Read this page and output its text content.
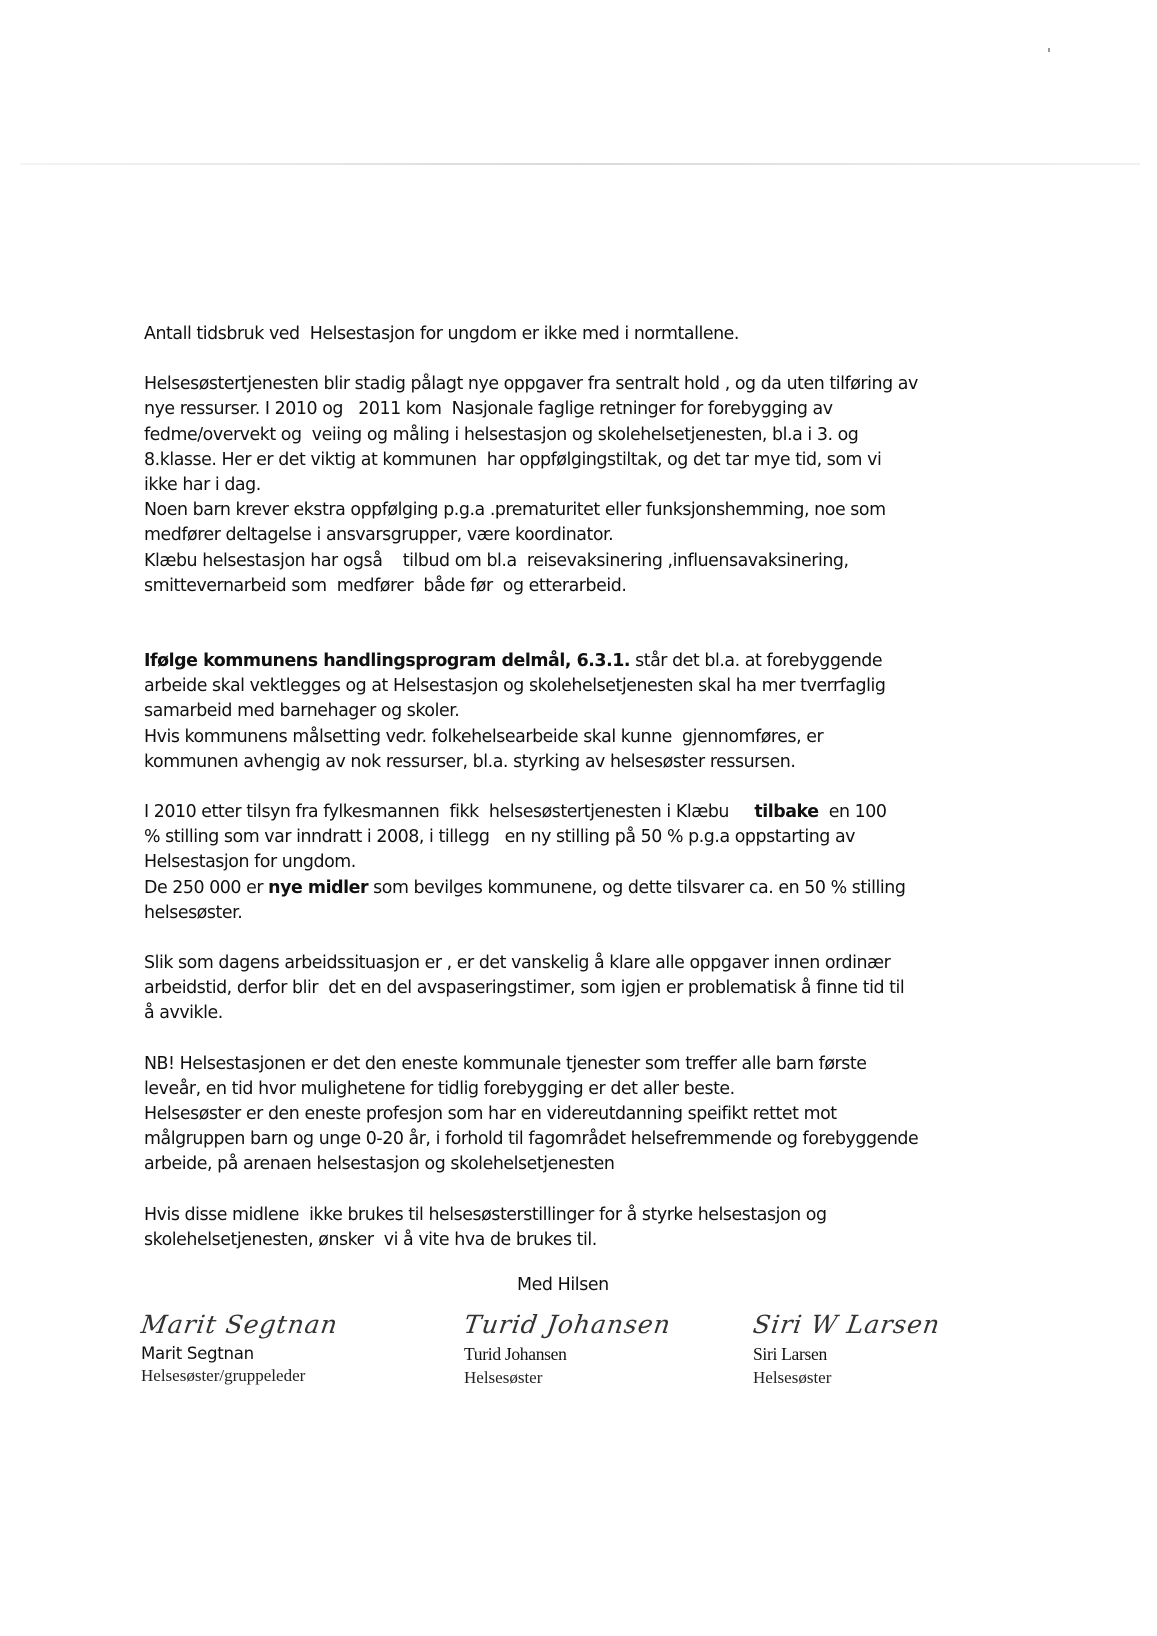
Antall tidsbruk ved  Helsestasjon for ungdom er ikke med i normtallene.

Helsesøstertjenesten blir stadig pålagt nye oppgaver fra sentralt hold , og da uten tilføring av

nye ressurser. I 2010 og   2011 kom  Nasjonale faglige retninger for forebygging av

fedme/overvekt og  veiing og måling i helsestasjon og skolehelsetjenesten, bl.a i 3. og

8.klasse. Her er det viktig at kommunen  har oppfølgingstiltak, og det tar mye tid, som vi

ikke har i dag.

Noen barn krever ekstra oppfølging p.g.a .prematuritet eller funksjonshemming, noe som

medfører deltagelse i ansvarsgrupper, være koordinator.

Klæbu helsestasjon har også    tilbud om bl.a  reisevaksinering ,influensavaksinering,

smittevernarbeid som  medfører  både før  og etterarbeid.

Ifølge kommunens handlingsprogram delmål, 6.3.1. står det bl.a. at forebyggende

arbeide skal vektlegges og at Helsestasjon og skolehelsetjenesten skal ha mer tverrfaglig

samarbeid med barnehager og skoler.

Hvis kommunens målsetting vedr. folkehelsearbeide skal kunne  gjennomføres, er

kommunen avhengig av nok ressurser, bl.a. styrking av helsesøster ressursen.

I 2010 etter tilsyn fra fylkesmannen  fikk  helsesøstertjenesten i Klæbu     tilbake  en 100

% stilling som var inndratt i 2008, i tillegg   en ny stilling på 50 % p.g.a oppstarting av

Helsestasjon for ungdom.

De 250 000 er nye midler som bevilges kommunene, og dette tilsvarer ca. en 50 % stilling

helsesøster.

Slik som dagens arbeidssituasjon er , er det vanskelig å klare alle oppgaver innen ordinær

arbeidstid, derfor blir  det en del avspaseringstimer, som igjen er problematisk å finne tid til

å avvikle.

NB! Helsestasjonen er det den eneste kommunale tjenester som treffer alle barn første

leveår, en tid hvor mulighetene for tidlig forebygging er det aller beste.

Helsesøster er den eneste profesjon som har en videreutdanning speifikt rettet mot

målgruppen barn og unge 0-20 år, i forhold til fagområdet helsefremmende og forebyggende

arbeide, på arenaen helsestasjon og skolehelsetjenesten

Hvis disse midlene  ikke brukes til helsesøsterstillinger for å styrke helsestasjon og

skolehelsetjenesten, ønsker  vi å vite hva de brukes til.

Med Hilsen
Marit Segtnan
Marit Segtnan
Helsesøster/gruppeleder
Turid Johansen
Turid Johansen
Helsesøster
Siri W Larsen
Siri Larsen
Helsesøster
